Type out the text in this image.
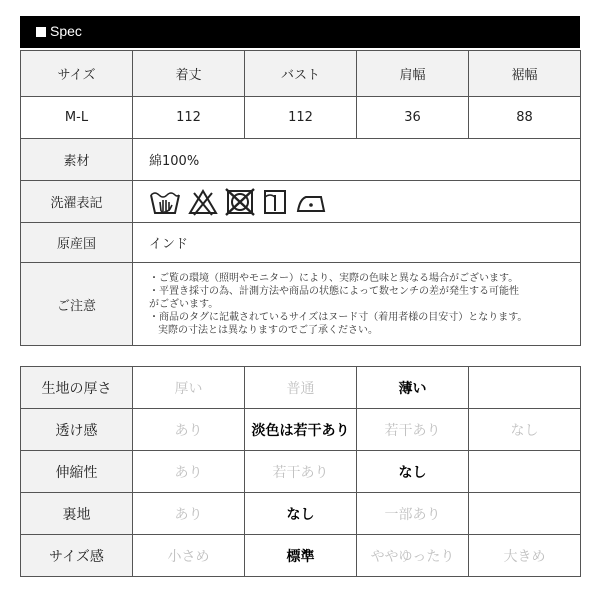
Spec
サイズ	着丈	バスト	肩幅	裾幅
M-L	112	112	36	88
素材	綿100%			
洗濯表記	

原産国	インド			
ご注意	・ご覧の環境（照明やモニター）により、実際の色味と異なる場合がございます。
・平置き採寸の為、計測方法や商品の状態によって数センチの差が発生する可能性
がございます。
・商品のタグに記載されているサイズはヌード寸（着用者様の目安寸）となります。
実際の寸法とは異なりますのでご了承ください。			
生地の厚さ	厚い	普通	薄い	
透け感	あり	淡色は若干あり	若干あり	なし
伸縮性	あり	若干あり	なし	
裏地	あり	なし	一部あり	
サイズ感	小さめ	標準	ややゆったり	大きめ
